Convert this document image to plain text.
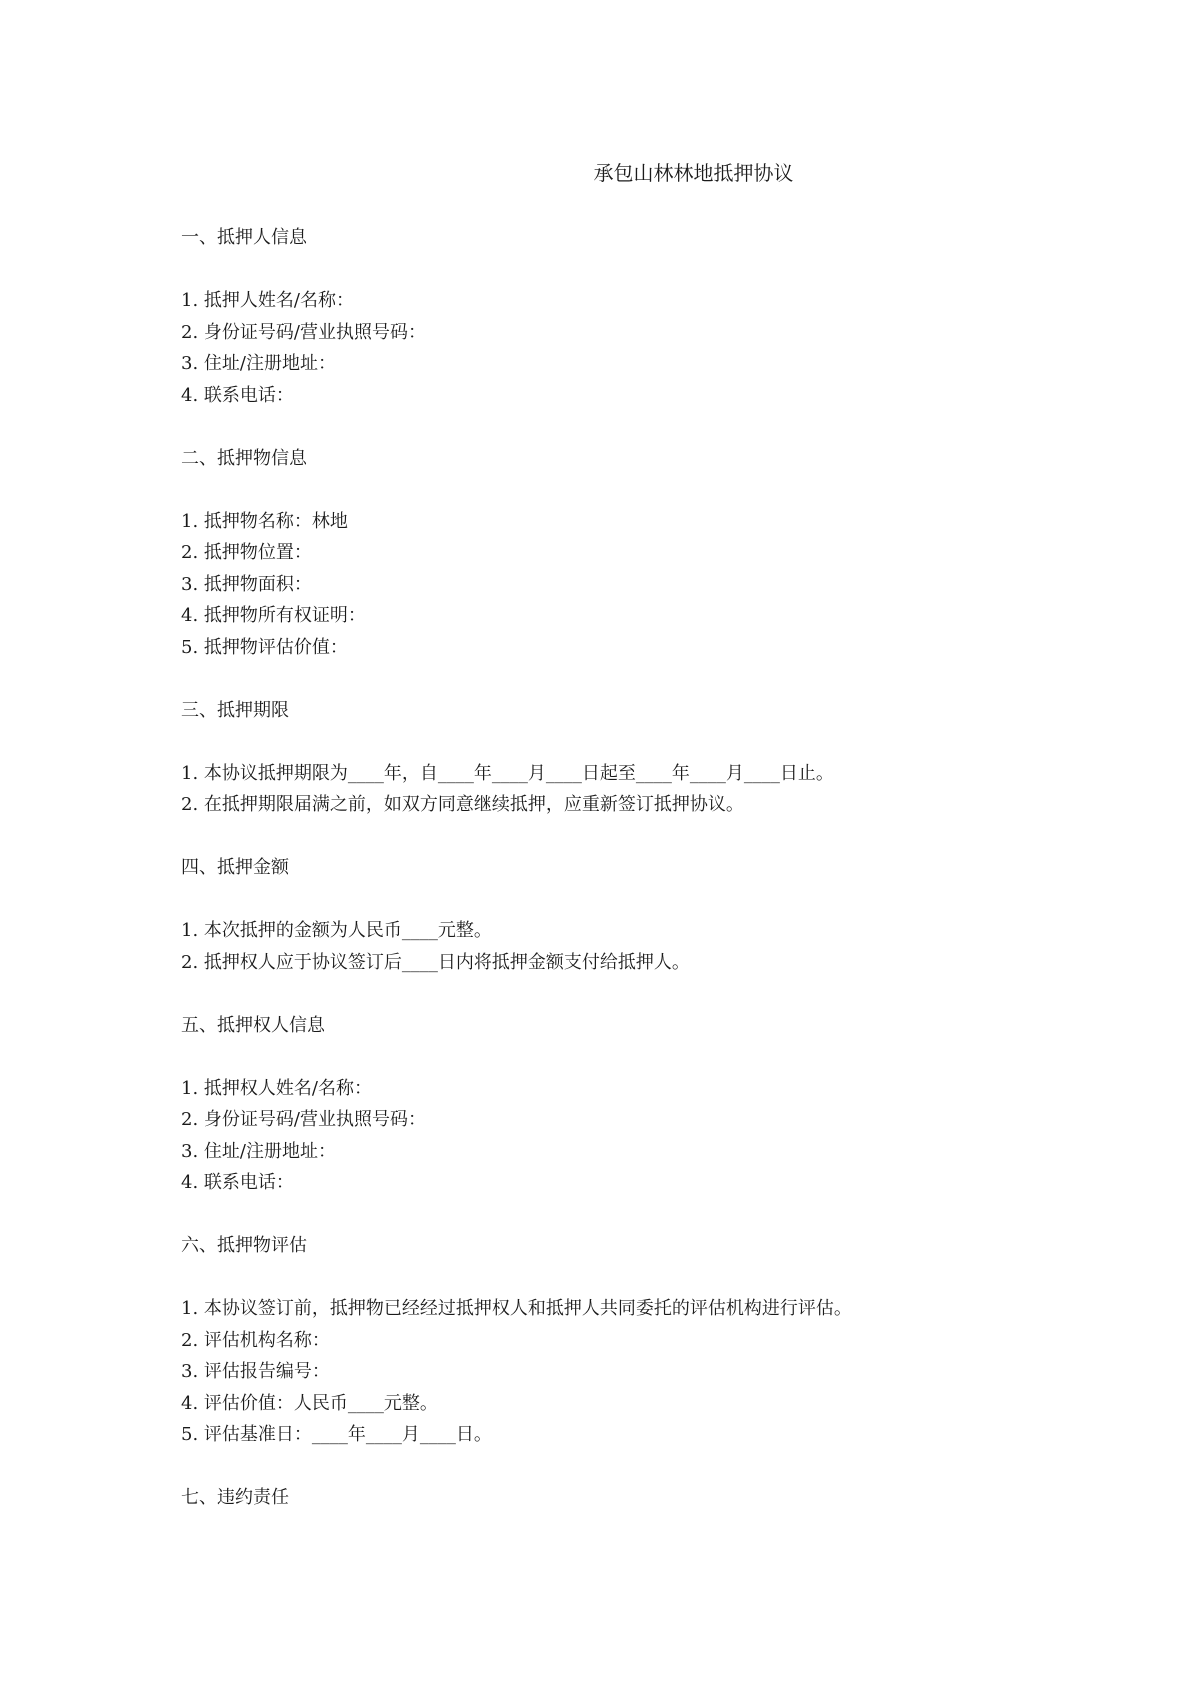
承包山林林地抵押协议
一、抵押人信息
1. 抵押人姓名/名称：
2. 身份证号码/营业执照号码：
3. 住址/注册地址：
4. 联系电话：
二、抵押物信息
1. 抵押物名称：林地
2. 抵押物位置：
3. 抵押物面积：
4. 抵押物所有权证明：
5. 抵押物评估价值：
三、抵押期限
1. 本协议抵押期限为____年，自____年____月____日起至____年____月____日止。
2. 在抵押期限届满之前，如双方同意继续抵押，应重新签订抵押协议。
四、抵押金额
1. 本次抵押的金额为人民币____元整。
2. 抵押权人应于协议签订后____日内将抵押金额支付给抵押人。
五、抵押权人信息
1. 抵押权人姓名/名称：
2. 身份证号码/营业执照号码：
3. 住址/注册地址：
4. 联系电话：
六、抵押物评估
1. 本协议签订前，抵押物已经经过抵押权人和抵押人共同委托的评估机构进行评估。
2. 评估机构名称：
3. 评估报告编号：
4. 评估价值：人民币____元整。
5. 评估基准日：____年____月____日。
七、违约责任
